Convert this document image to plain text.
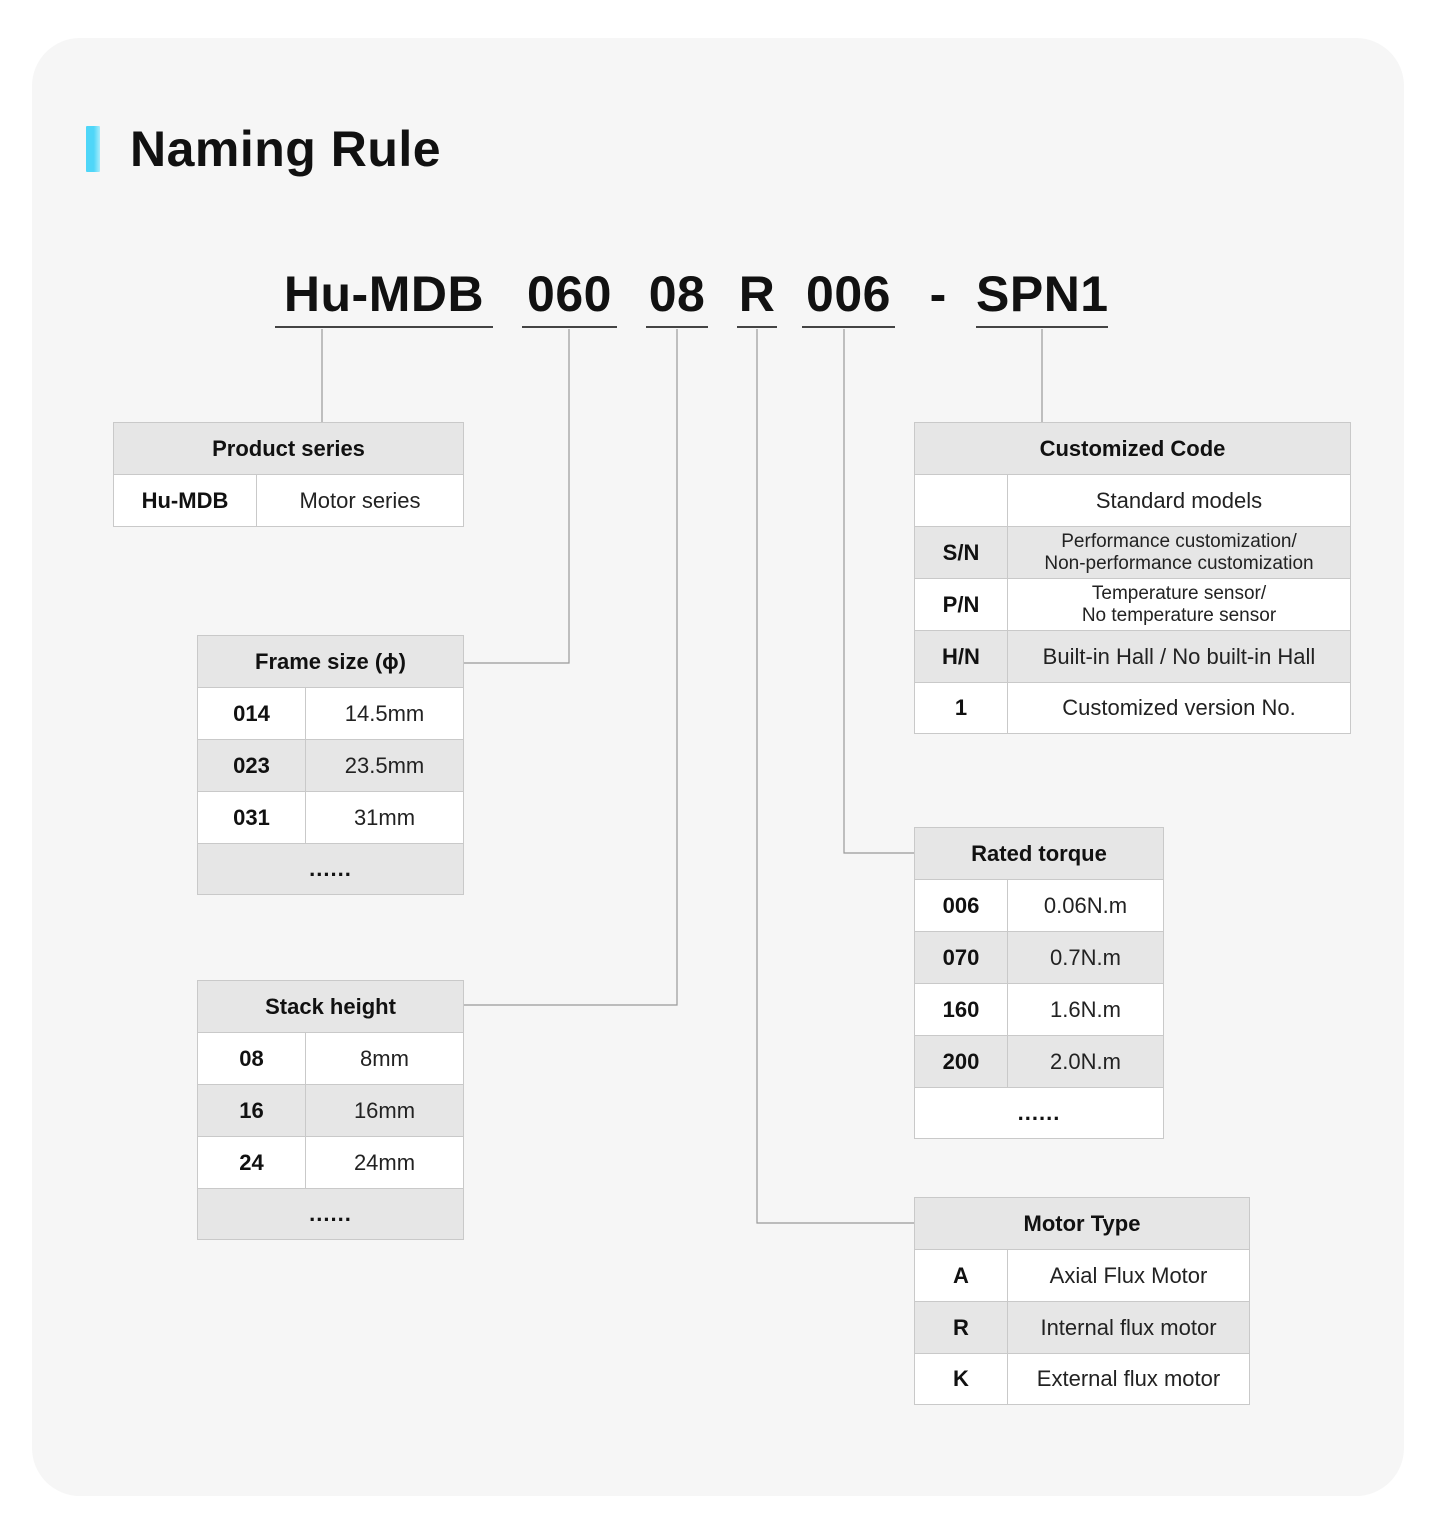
Naming Rule
Hu-MDB 060 08 R 006 - SPN1
Product series
Hu-MDB	Motor series
Frame size (ϕ)	
014	14.5mm
023	23.5mm
031	31mm
......	
Stack height	
08	8mm
16	16mm
24	24mm
......	
Customized Code	
	Standard models
S/N	Performance customization/
Non-performance customization

P/N	Temperature sensor/
No temperature sensor

H/N	Built-in Hall / No built-in Hall
1	Customized version No.
Rated torque	
006	0.06N.m
070	0.7N.m
160	1.6N.m
200	2.0N.m
......	
Motor Type	
A	Axial Flux Motor
R	Internal flux motor
K	External flux motor
